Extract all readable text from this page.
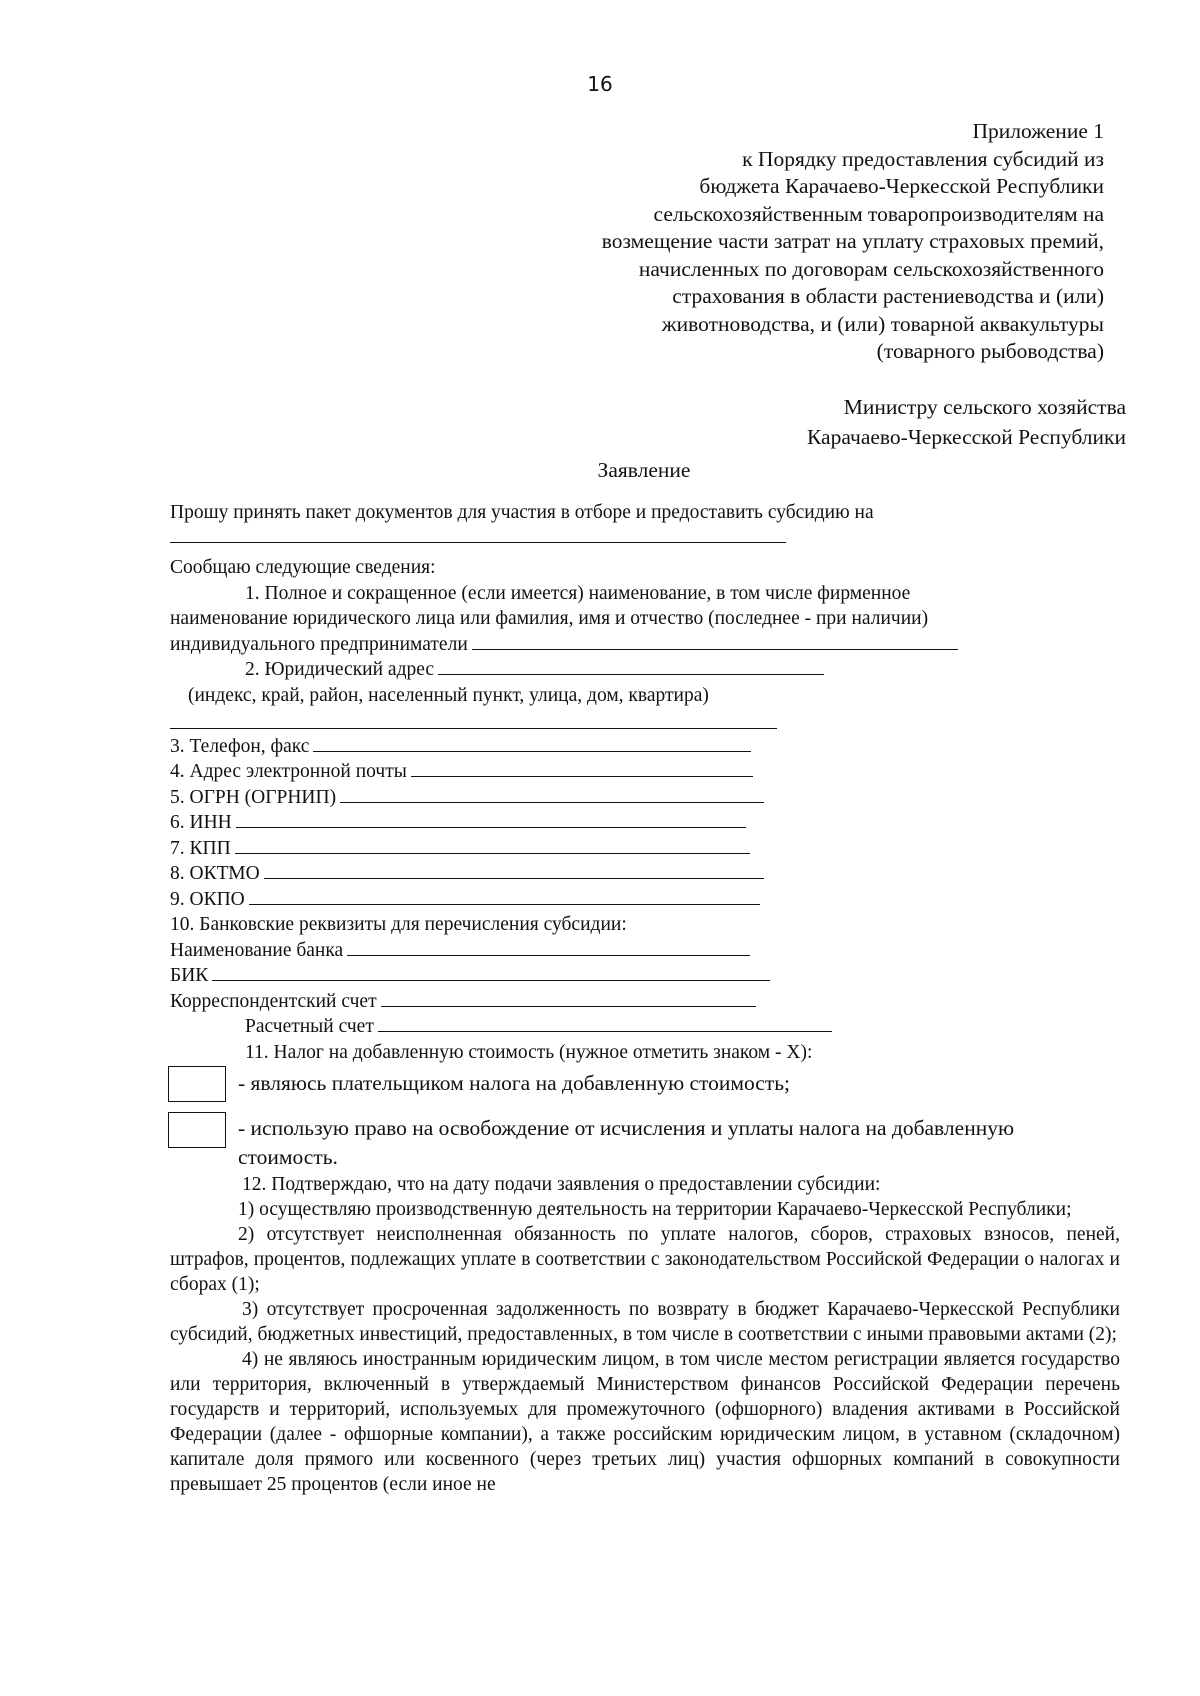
16
Приложение 1
к Порядку предоставления субсидий из
бюджета Карачаево-Черкесской Республики
сельскохозяйственным товаропроизводителям на
возмещение части затрат на уплату страховых премий,
начисленных по договорам сельскохозяйственного
страхования в области растениеводства и (или)
животноводства, и (или) товарной аквакультуры
(товарного рыбоводства)
Министру сельского хозяйства
Карачаево-Черкесской Республики
Заявление
Прошу принять пакет документов для участия в отборе и предоставить субсидию на
Сообщаю следующие сведения:
1. Полное и сокращенное (если имеется) наименование, в том числе фирменное
наименование юридического лица или фамилия, имя и отчество (последнее - при наличии)
индивидуального предприниматели
2. Юридический адрес
(индекс, край, район, населенный пункт, улица, дом, квартира)
3. Телефон, факс
4. Адрес электронной почты
5. ОГРН (ОГРНИП)
6. ИНН
7. КПП
8. ОКТМО
9. ОКПО
10. Банковские реквизиты для перечисления субсидии:
Наименование банка
БИК
Корреспондентский счет
Расчетный счет
11. Налог на добавленную стоимость (нужное отметить знаком - X):
- являюсь плательщиком налога на добавленную стоимость;
- использую право на освобождение от исчисления и уплаты налога на добавленную
стоимость.

12. Подтверждаю, что на дату подачи заявления о предоставлении субсидии:

1) осуществляю производственную деятельность на территории Карачаево-Черкесской Республики;

2) отсутствует неисполненная обязанность по уплате налогов, сборов, страховых взносов, пеней, штрафов, процентов, подлежащих уплате в соответствии с законодательством Российской Федерации о налогах и сборах (1);

3) отсутствует просроченная задолженность по возврату в бюджет Карачаево-Черкесской Республики субсидий, бюджетных инвестиций, предоставленных, в том числе в соответствии с иными правовыми актами (2);

4) не являюсь иностранным юридическим лицом, в том числе местом регистрации является государство или территория, включенный в утверждаемый Министерством финансов Российской Федерации перечень государств и территорий, используемых для промежуточного (офшорного) владения активами в Российской Федерации (далее - офшорные компании), а также российским юридическим лицом, в уставном (складочном) капитале доля прямого или косвенного (через третьих лиц) участия офшорных компаний в совокупности превышает 25 процентов (если иное не
